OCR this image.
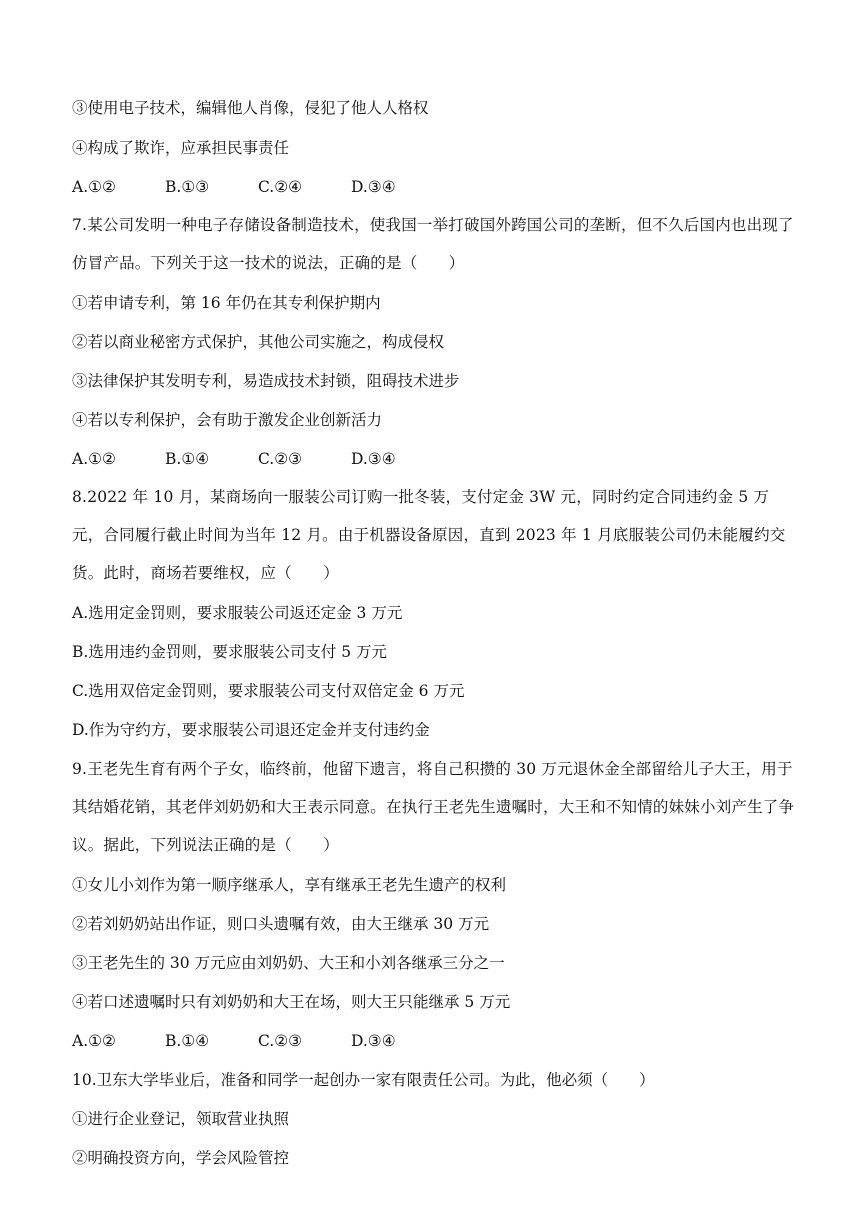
③使用电子技术，编辑他人肖像，侵犯了他人人格权
④构成了欺诈，应承担民事责任
A.①②	B.①③	C.②④	D.③④
7.某公司发明一种电子存储设备制造技术，使我国一举打破国外跨国公司的垄断，但不久后国内也出现了仿冒产品。下列关于这一技术的说法，正确的是（　　）
①若申请专利，第 16 年仍在其专利保护期内
②若以商业秘密方式保护，其他公司实施之，构成侵权
③法律保护其发明专利，易造成技术封锁，阻碍技术进步
④若以专利保护，会有助于激发企业创新活力
A.①②	B.①④	C.②③	D.③④
8.2022 年 10 月，某商场向一服装公司订购一批冬装，支付定金 3W 元，同时约定合同违约金 5 万元，合同履行截止时间为当年 12 月。由于机器设备原因，直到 2023 年 1 月底服装公司仍未能履约交货。此时，商场若要维权，应（　　）
A.选用定金罚则，要求服装公司返还定金 3 万元
B.选用违约金罚则，要求服装公司支付 5 万元
C.选用双倍定金罚则，要求服装公司支付双倍定金 6 万元
D.作为守约方，要求服装公司退还定金并支付违约金
9.王老先生育有两个子女，临终前，他留下遗言，将自己积攒的 30 万元退休金全部留给儿子大王，用于其结婚花销，其老伴刘奶奶和大王表示同意。在执行王老先生遗嘱时，大王和不知情的妹妹小刘产生了争议。据此，下列说法正确的是（　　）
①女儿小刘作为第一顺序继承人，享有继承王老先生遗产的权利
②若刘奶奶站出作证，则口头遗嘱有效，由大王继承 30 万元
③王老先生的 30 万元应由刘奶奶、大王和小刘各继承三分之一
④若口述遗嘱时只有刘奶奶和大王在场，则大王只能继承 5 万元
A.①②	B.①④	C.②③	D.③④
10.卫东大学毕业后，准备和同学一起创办一家有限责任公司。为此，他必须（　　）
①进行企业登记，领取营业执照
②明确投资方向，学会风险管控
